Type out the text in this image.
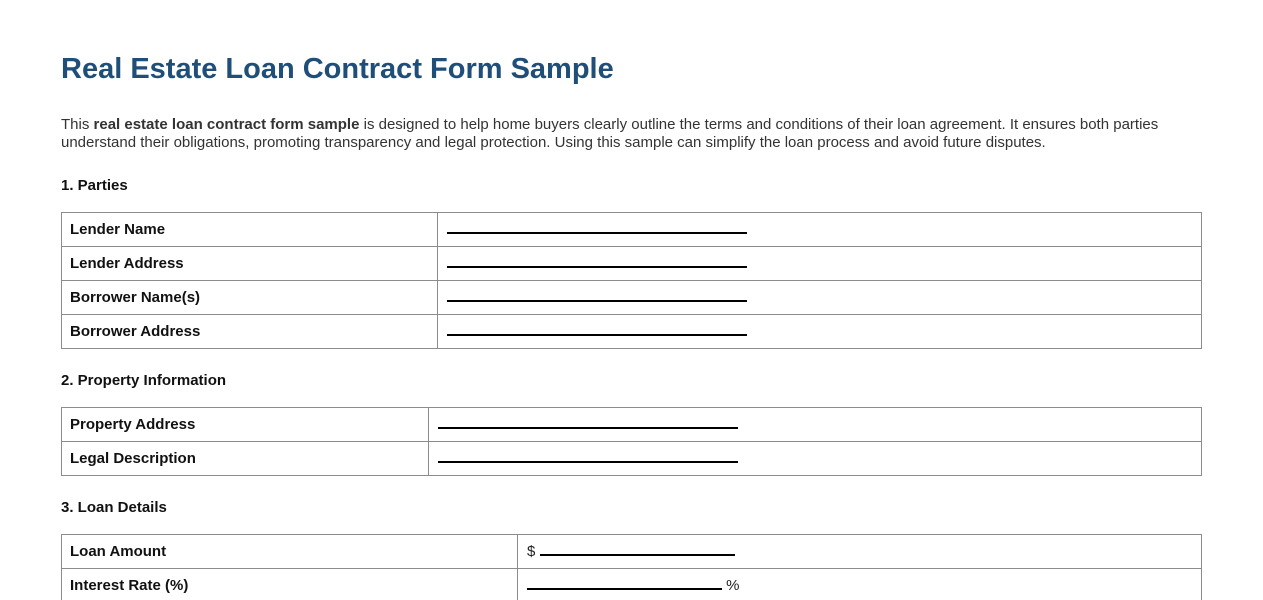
Real Estate Loan Contract Form Sample

This real estate loan contract form sample is designed to help home buyers clearly outline the terms and conditions of their loan agreement. It ensures both parties understand their obligations, promoting transparency and legal protection. Using this sample can simplify the loan process and avoid future disputes.

1. Parties
Lender Name	
Lender Address	
Borrower Name(s)	
Borrower Address	
2. Property Information
Property Address	
Legal Description	
3. Loan Details
Loan Amount	$
Interest Rate (%)	%
